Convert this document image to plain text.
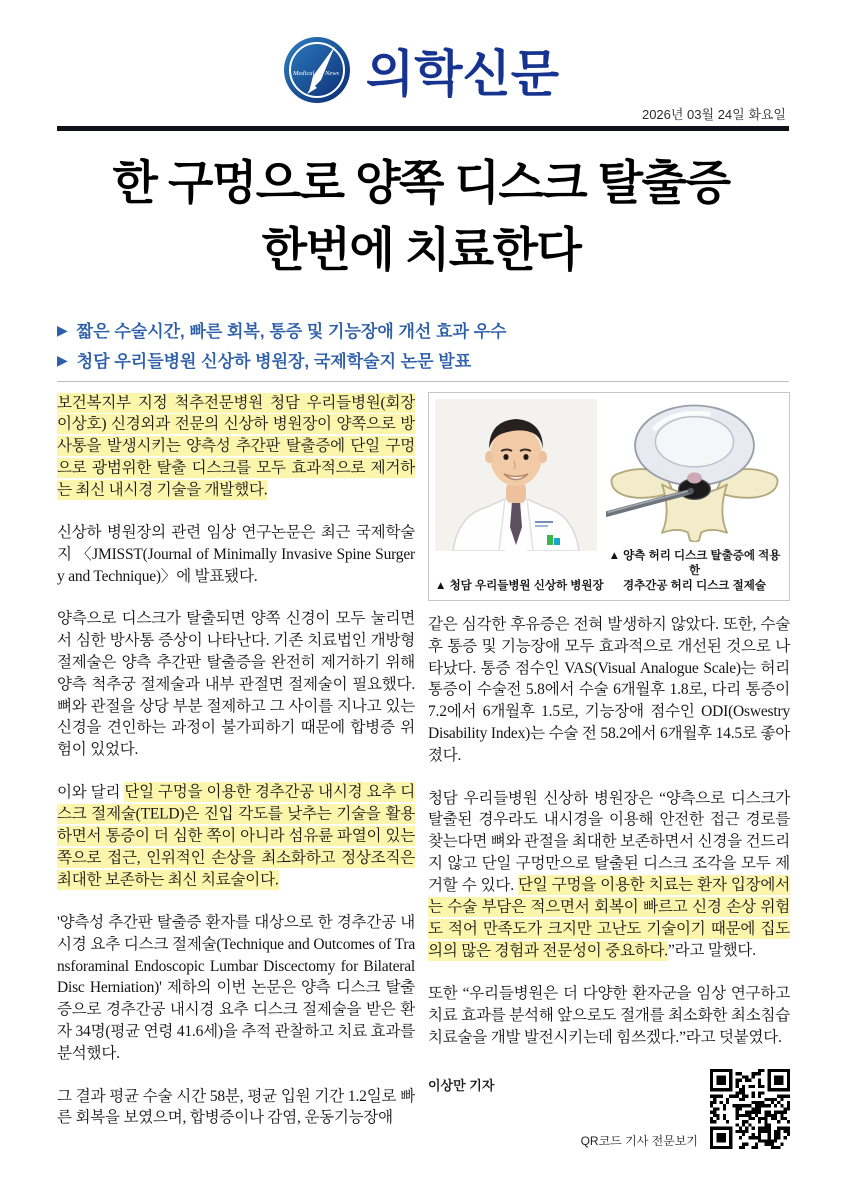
Medical News 의학신문
2026년 03월 24일 화요일
한 구멍으로 양쪽 디스크 탈출증
한번에 치료한다
▶ 짧은 수술시간, 빠른 회복, 통증 및 기능장애 개선 효과 우수
▶ 청담 우리들병원 신상하 병원장, 국제학술지 논문 발표

보건복지부 지정 척추전문병원 청담 우리들병원(회장 이상호) 신경외과 전문의 신상하 병원장이 양쪽으로 방사통을 발생시키는 양측성 추간판 탈출증에 단일 구멍으로 광범위한 탈출 디스크를 모두 효과적으로 제거하는 최신 내시경 기술을 개발했다.

신상하 병원장의 관련 임상 연구논문은 최근 국제학술지 〈JMISST(Journal of Minimally Invasive Spine Surgery and Technique)〉에 발표됐다.

양측으로 디스크가 탈출되면 양쪽 신경이 모두 눌리면서 심한 방사통 증상이 나타난다. 기존 치료법인 개방형 절제술은 양측 추간판 탈출증을 완전히 제거하기 위해 양측 척추궁 절제술과 내부 관절면 절제술이 필요했다. 뼈와 관절을 상당 부분 절제하고 그 사이를 지나고 있는 신경을 견인하는 과정이 불가피하기 때문에 합병증 위험이 있었다.

이와 달리 단일 구멍을 이용한 경추간공 내시경 요추 디스크 절제술(TELD)은 진입 각도를 낮추는 기술을 활용하면서 통증이 더 심한 쪽이 아니라 섬유륜 파열이 있는 쪽으로 접근, 인위적인 손상을 최소화하고 정상조직은 최대한 보존하는 최신 치료술이다.

'양측성 추간판 탈출증 환자를 대상으로 한 경추간공 내시경 요추 디스크 절제술(Technique and Outcomes of Transforaminal Endoscopic Lumbar Discectomy for Bilateral Disc Herniation)' 제하의 이번 논문은 양측 디스크 탈출증으로 경추간공 내시경 요추 디스크 절제술을 받은 환자 34명(평균 연령 41.6세)을 추적 관찰하고 치료 효과를 분석했다.

그 결과 평균 수술 시간 58분, 평균 입원 기간 1.2일로 빠른 회복을 보였으며, 합병증이나 감염, 운동기능장애

▲ 청담 우리들병원 신상하 병원장
▲ 양측 허리 디스크 탈출증에 적용한
경추간공 허리 디스크 절제술

같은 심각한 후유증은 전혀 발생하지 않았다. 또한, 수술후 통증 및 기능장애 모두 효과적으로 개선된 것으로 나타났다. 통증 점수인 VAS(Visual Analogue Scale)는 허리 통증이 수술전 5.8에서 수술 6개월후 1.8로, 다리 통증이 7.2에서 6개월후 1.5로, 기능장애 점수인 ODI(Oswestry Disability Index)는 수술 전 58.2에서 6개월후 14.5로 좋아졌다.

청담 우리들병원 신상하 병원장은 “양측으로 디스크가 탈출된 경우라도 내시경을 이용해 안전한 접근 경로를 찾는다면 뼈와 관절을 최대한 보존하면서 신경을 건드리지 않고 단일 구멍만으로 탈출된 디스크 조각을 모두 제거할 수 있다. 단일 구멍을 이용한 치료는 환자 입장에서는 수술 부담은 적으면서 회복이 빠르고 신경 손상 위험도 적어 만족도가 크지만 고난도 기술이기 때문에 집도의의 많은 경험과 전문성이 중요하다.”라고 말했다.

또한 “우리들병원은 더 다양한 환자군을 임상 연구하고 치료 효과를 분석해 앞으로도 절개를 최소화한 최소침습 치료술을 개발 발전시키는데 힘쓰겠다.”라고 덧붙였다.

이상만 기자
QR코드 기사 전문보기
